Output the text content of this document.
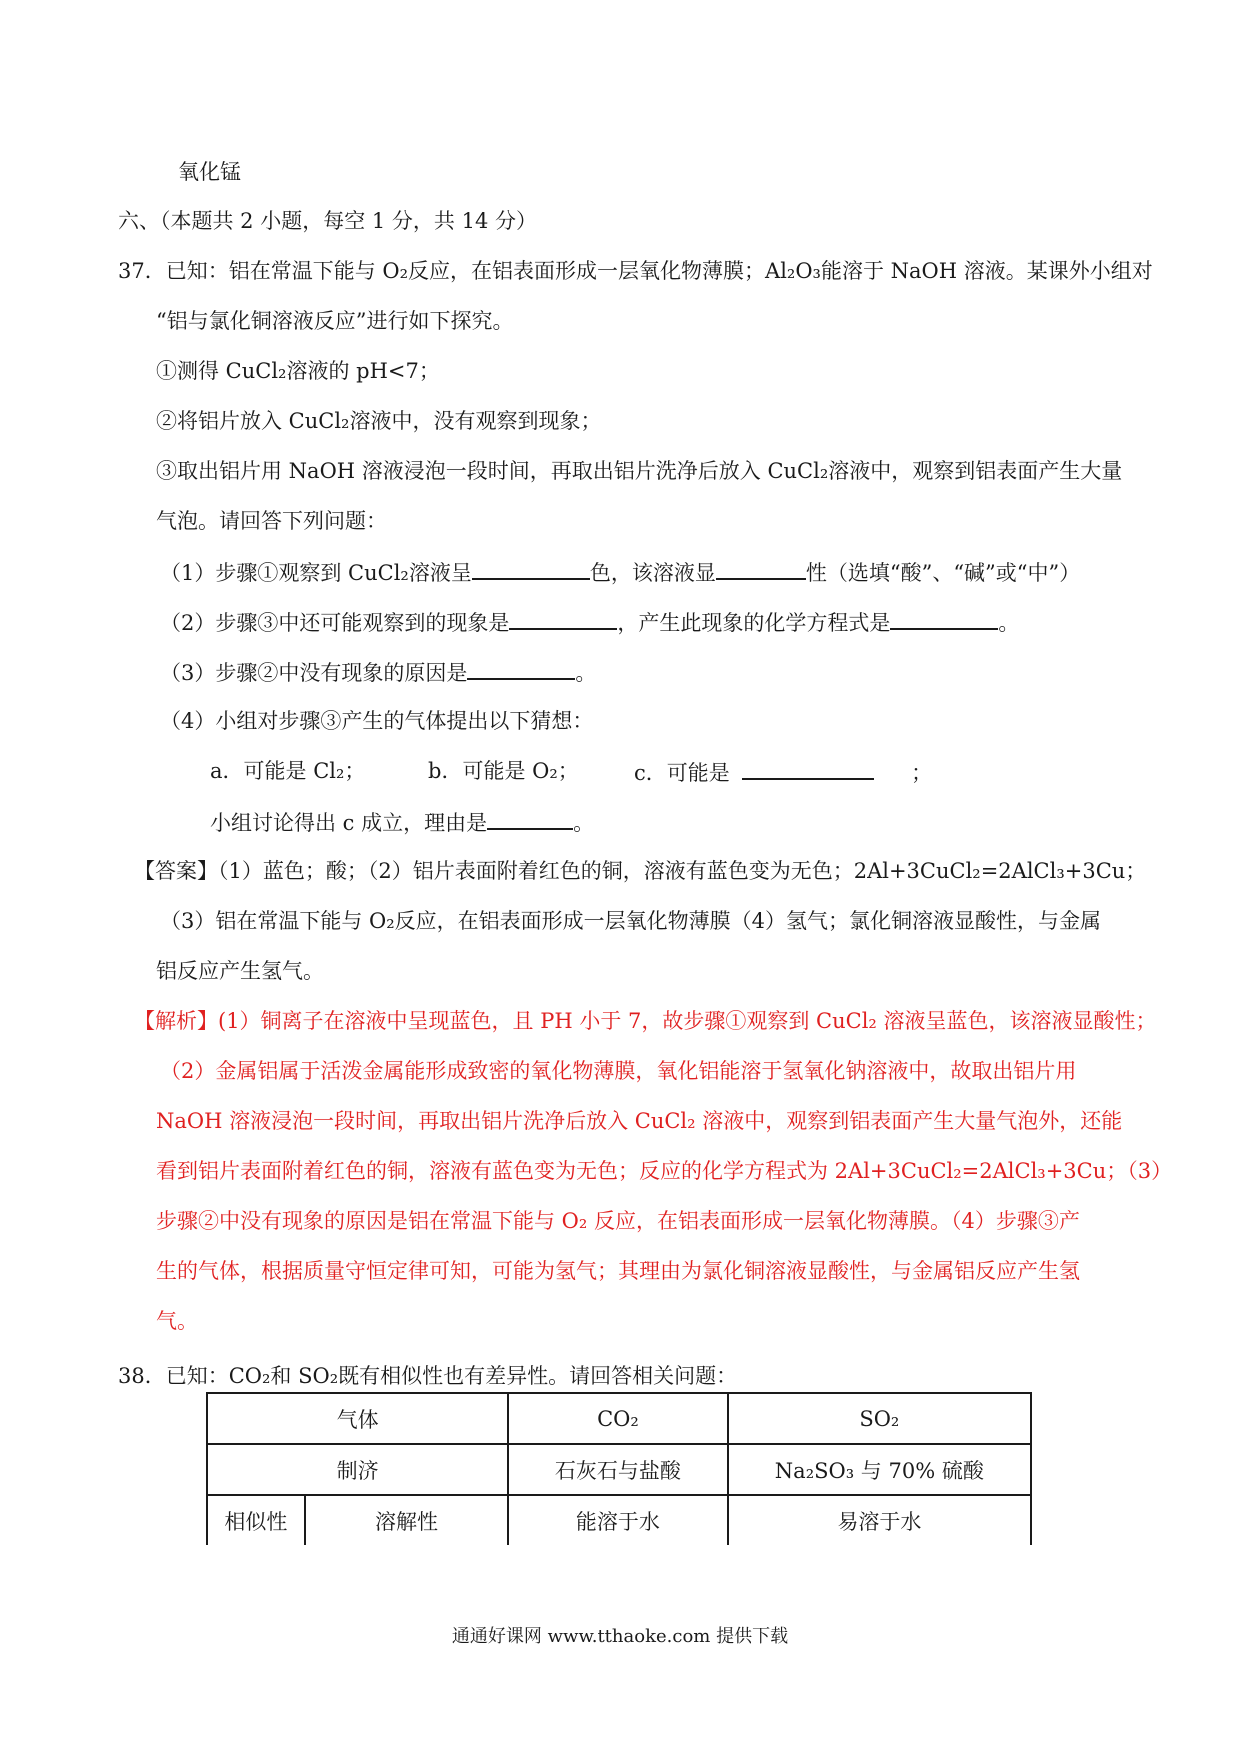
氧化锰
六、（本题共 2 小题，每空 1 分，共 14 分）
37．已知：铝在常温下能与 O₂反应，在铝表面形成一层氧化物薄膜；Al₂O₃能溶于 NaOH 溶液。某课外小组对
“铝与氯化铜溶液反应”进行如下探究。
①测得 CuCl₂溶液的 pH<7；
②将铝片放入 CuCl₂溶液中，没有观察到现象；
③取出铝片用 NaOH 溶液浸泡一段时间，再取出铝片洗净后放入 CuCl₂溶液中，观察到铝表面产生大量
气泡。请回答下列问题：
（1）步骤①观察到 CuCl₂溶液呈	色，该溶液显	性（选填“酸”、“碱”或“中”）
（2）步骤③中还可能观察到的现象是	，产生此现象的化学方程式是	。
（3）步骤②中没有现象的原因是	。
（4）小组对步骤③产生的气体提出以下猜想：
a．可能是 Cl₂；	b．可能是 O₂；	c．可能是	；
小组讨论得出 c 成立，理由是	。
【答案】（1）蓝色；酸；（2）铝片表面附着红色的铜，溶液有蓝色变为无色；2Al+3CuCl₂=2AlCl₃+3Cu；
（3）铝在常温下能与 O₂反应，在铝表面形成一层氧化物薄膜（4）氢气；氯化铜溶液显酸性，与金属
铝反应产生氢气。
【解析】(1）铜离子在溶液中呈现蓝色，且 PH 小于 7，故步骤①观察到 CuCl₂ 溶液呈蓝色，该溶液显酸性；
（2）金属铝属于活泼金属能形成致密的氧化物薄膜，氧化铝能溶于氢氧化钠溶液中，故取出铝片用
NaOH 溶液浸泡一段时间，再取出铝片洗净后放入 CuCl₂ 溶液中，观察到铝表面产生大量气泡外，还能
看到铝片表面附着红色的铜，溶液有蓝色变为无色；反应的化学方程式为 2Al+3CuCl₂=2AlCl₃+3Cu；（3）
步骤②中没有现象的原因是铝在常温下能与 O₂ 反应，在铝表面形成一层氧化物薄膜。（4）步骤③产
生的气体，根据质量守恒定律可知，可能为氢气；其理由为氯化铜溶液显酸性，与金属铝反应产生氢
气。
38．已知：CO₂和 SO₂既有相似性也有差异性。请回答相关问题：
气体		CO₂	SO₂
制济		石灰石与盐酸	Na₂SO₃ 与 70% 硫酸
相似性	溶解性	能溶于水	易溶于水
通通好课网 www.tthaoke.com 提供下载
